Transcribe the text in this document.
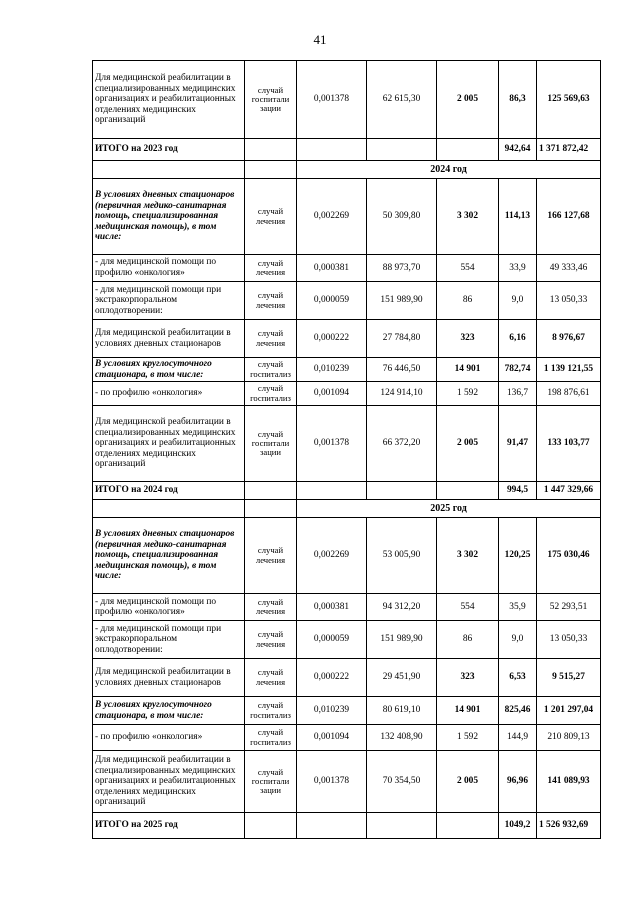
41
Для медицинской реабилитации в специализированных медицинских организациях и реабилитационных отделениях медицинских организаций	случай госпитали зации	0,001378	62 615,30	2 005	86,3	125 569,63
ИТОГО на 2023 год					942,64	1 371 872,42
		2024 год				
В условиях дневных стационаров (первичная медико-санитарная помощь, специализированная медицинская помощь), в том числе:	случай лечения	0,002269	50 309,80	3 302	114,13	166 127,68
- для медицинской помощи по профилю «онкология»	случай лечения	0,000381	88 973,70	554	33,9	49 333,46
- для медицинской помощи при экстракорпоральном оплодотворении:	случай лечения	0,000059	151 989,90	86	9,0	13 050,33
Для медицинской реабилитации в условиях дневных стационаров	случай лечения	0,000222	27 784,80	323	6,16	8 976,67
В условиях круглосуточного стационара, в том числе:	случай госпитализ	0,010239	76 446,50	14 901	782,74	1 139 121,55
- по профилю «онкология»	случай госпитализ	0,001094	124 914,10	1 592	136,7	198 876,61
Для медицинской реабилитации в специализированных медицинских организациях и реабилитационных отделениях медицинских организаций	случай госпитали зации	0,001378	66 372,20	2 005	91,47	133 103,77
ИТОГО на 2024 год					994,5	1 447 329,66
		2025 год				
В условиях дневных стационаров (первичная медико-санитарная помощь, специализированная медицинская помощь), в том числе:	случай лечения	0,002269	53 005,90	3 302	120,25	175 030,46
- для медицинской помощи по профилю «онкология»	случай лечения	0,000381	94 312,20	554	35,9	52 293,51
- для медицинской помощи при экстракорпоральном оплодотворении:	случай лечения	0,000059	151 989,90	86	9,0	13 050,33
Для медицинской реабилитации в условиях дневных стационаров	случай лечения	0,000222	29 451,90	323	6,53	9 515,27
В условиях круглосуточного стационара, в том числе:	случай госпитализ	0,010239	80 619,10	14 901	825,46	1 201 297,04
- по профилю «онкология»	случай госпитализ	0,001094	132 408,90	1 592	144,9	210 809,13
Для медицинской реабилитации в специализированных медицинских организациях и реабилитационных отделениях медицинских организаций	случай госпитали зации	0,001378	70 354,50	2 005	96,96	141 089,93
ИТОГО на 2025 год					1049,2	1 526 932,69
